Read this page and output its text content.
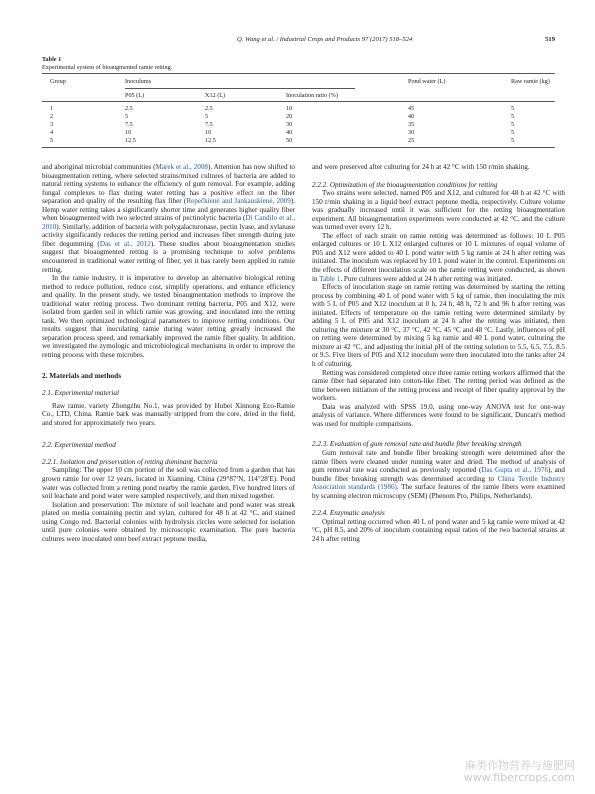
Q. Wang et al. / Industrial Crops and Products 97 (2017) 518–524	519
Table 1
Experimental system of bioaugmented ramie retting.
Group	Inoculums	Pond water (L)	Raw ramie (kg)
P05 (L)	X12 (L)	Inoculation ratio (%)
1	2.5	2.5	10	45	5
2	5	5	20	40	5
3	7.5	7.5	30	35	5
4	10	10	40	30	5
5	12.5	12.5	50	25	5

and aboriginal microbial communities (Marek et al., 2008). Attention has now shifted to bioaugmentation retting, where selected strains/mixed cultures of bacteria are added to natural retting systems to enhance the efficiency of gum removal. For example, adding fungal complexes to flax during water retting has a positive effect on the fiber separation and quality of the resulting flax fiber (Repečkienė and Jankauskienė, 2009). Hemp water retting takes a significantly shorter time and generates higher quality fiber when bioaugmented with two selected strains of pectinolytic bacteria (Di Candilo et al., 2010). Similarly, addition of bacteria with polygalacturonase, pectin lyase, and xylanase activity significantly reduces the retting period and increases fiber strength during jute fiber degumming (Das et al., 2012). These studies about bioaugmentation studies suggest that bioaugmented retting is a promising technique to solve problems encountered in traditional water retting of fiber, yet it has rarely been applied in ramie retting.

In the ramie industry, it is imperative to develop an alternative biological retting method to reduce pollution, reduce cost, simplify operations, and enhance efficiency and quality. In the present study, we tested bioaugmentation methods to improve the traditional water retting process. Two dominant retting bacteria, P05 and X12, were isolated from garden soil in which ramie was growing, and inoculated into the retting tank. We then optimized technological parameters to improve retting conditions. Our results suggest that inoculating ramie during water retting greatly increased the separation process speed, and remarkably improved the ramie fiber quality. In addition, we investigated the zymologic and microbiological mechanisms in order to improve the retting process with these microbes.

2. Materials and methods
2.1. Experimental material

Raw ramie, variety Zhongzhu No.1, was provided by Hubei Xinnong Eco-Ramie Co., LTD, China. Ramie bark was manually stripped from the core, dried in the field, and stored for approximately two years.

2.2. Experimental method
2.2.1. Isolation and preservation of retting dominant bacteria

Sampling: The upper 10 cm portion of the soil was collected from a garden that has grown ramie for over 12 years, located in Xianning, China (29°87′N, 114°28′E). Pond water was collected from a retting pond nearby the ramie garden. Five hundred liters of soil leachate and pond water were sampled respectively, and then mixed together.

Isolation and preservation: The mixture of soil leachate and pond water was streak plated on media containing pectin and xylan, cultured for 48 h at 42 °C, and stained using Congo red. Bacterial colonies with hydrolysis circles were selected for isolation until pure colonies were obtained by microscopic examination. The pure bacteria cultures were inoculated onto beef extract peptone media,

and were preserved after culturing for 24 h at 42 °C with 150 r/min shaking.

2.2.2. Optimization of the bioaugmentation conditions for retting

Two strains were selected, named P05 and X12, and cultured for 48 h at 42 °C with 150 r/min shaking in a liquid beef extract peptone media, respectively. Culture volume was gradually increased until it was sufficient for the retting bioaugmentation experiment. All bioaugmentation experiments were conducted at 42 °C, and the culture was turned over every 12 h.

The effect of each strain on ramie retting was determined as follows: 10 L P05 enlarged cultures or 10 L X12 enlarged cultures or 10 L mixtures of equal volume of P05 and X12 were added to 40 L pond water with 5 kg ramie at 24 h after retting was initiated. The inoculum was replaced by 10 L pond water in the control. Experiments on the effects of different inoculation scale on the ramie retting were conducted, as shown in Table 1. Pure cultures were added at 24 h after retting was initiated.

Effects of inoculation stage on ramie retting was determined by starting the retting process by combining 40 L of pond water with 5 kg of ramie, then inoculating the mix with 5 L of P05 and X12 inoculum at 0 h, 24 h, 48 h, 72 h and 96 h after retting was initiated. Effects of temperature on the ramie retting were determined similarly by adding 5 L of P05 and X12 inoculum at 24 h after the retting was initiated, then culturing the mixture at 30 °C, 37 °C, 42 °C, 45 °C and 48 °C. Lastly, influences of pH on retting were determined by mixing 5 kg ramie and 40 L pond water, culturing the mixture at 42 °C, and adjusting the initial pH of the retting solution to 5.5, 6.5, 7.5, 8.5 or 9.5. Five liters of P05 and X12 inoculum were then inoculated into the tanks after 24 h of culturing.

Retting was considered completed once three ramie retting workers affirmed that the ramie fiber had separated into cotton-like fiber. The retting period was defined as the time between initiation of the retting process and receipt of fiber quality approval by the workers.

Data was analyzed with SPSS 19.0, using one-way ANOVA test for one-way analysis of variance. Where differences were found to be significant, Duncan's method was used for multiple comparisons.

2.2.3. Evaluation of gum removal rate and bundle fiber breaking strength

Gum removal rate and bundle fiber breaking strength were determined after the ramie fibers were cleaned under running water and dried. The method of analysis of gum removal rate was conducted as previously reported (Das Gupta et al., 1976), and bundle fiber breaking strength was determined according to China Textile Industry Association standards (1986). The surface features of the ramie fibers were examined by scanning electron microscopy (SEM) (Phenom Pro, Philips, Netherlands).

2.2.4. Enzymatic analysis

Optimal retting occurred when 40 L of pond water and 5 kg ramie were mixed at 42 °C, pH 8.5, and 20% of inoculum containing equal ratios of the two bacterial strains at 24 h after retting

麻类作物营养与施肥网
www.fibercrops.com
